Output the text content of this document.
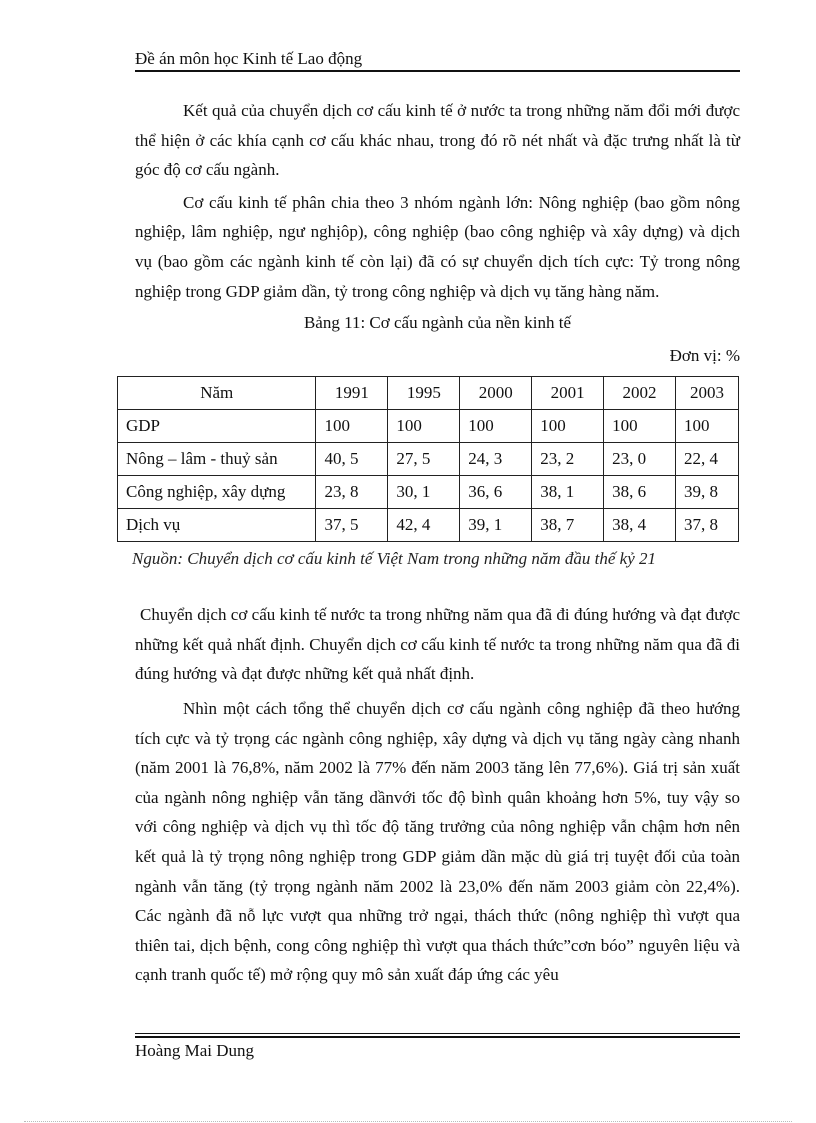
Đề án môn học Kinh tế Lao động

Kết quả của chuyển dịch cơ cấu kinh tế ở nước ta trong những năm đổi mới được thể hiện ở các khía cạnh cơ cấu khác nhau, trong đó rõ nét nhất và đặc trưng nhất là từ góc độ cơ cấu ngành.

Cơ cấu kinh tế phân chia theo 3 nhóm ngành lớn: Nông nghiệp (bao gồm nông nghiệp, lâm nghiệp, ngư nghịôp), công nghiệp (bao công nghiệp và xây dựng) và dịch vụ (bao gồm các ngành kinh tế còn lại) đã có sự chuyển dịch tích cực: Tỷ trong nông nghiệp trong GDP giảm dần, tỷ trong công nghiệp và dịch vụ tăng hàng năm.

Bảng 11: Cơ cấu ngành của nền kinh tế
Đơn vị: %
Năm	1991	1995	2000	2001	2002	2003
GDP	100	100	100	100	100	100
Nông – lâm - thuỷ sản	40, 5	27, 5	24, 3	23, 2	23, 0	22, 4
Công nghiệp, xây dựng	23, 8	30, 1	36, 6	38, 1	38, 6	39, 8
Dịch vụ	37, 5	42, 4	39, 1	38, 7	38, 4	37, 8
Nguồn: Chuyển dịch cơ cấu kinh tế Việt Nam trong những năm đầu thế kỷ 21

Chuyển dịch cơ cấu kinh tế nước ta trong những năm qua đã đi đúng hướng và đạt được những kết quả nhất định. Chuyển dịch cơ cấu kinh tế nước ta trong những năm qua đã đi đúng hướng và đạt được những kết quả nhất định.

Nhìn một cách tổng thể chuyển dịch cơ cấu ngành công nghiệp đã theo hướng tích cực và tỷ trọng các ngành công nghiệp, xây dựng và dịch vụ tăng ngày càng nhanh (năm 2001 là 76,8%, năm 2002 là 77% đến năm 2003 tăng lên 77,6%). Giá trị sản xuất của ngành nông nghiệp vẫn tăng dầnvới tốc độ bình quân khoảng hơn 5%, tuy vậy so với công nghiệp và dịch vụ thì tốc độ tăng trưởng của nông nghiệp vẫn chậm hơn nên kết quả là tỷ trọng nông nghiệp trong GDP giảm dần mặc dù giá trị tuyệt đối của toàn ngành vẫn tăng (tỷ trọng ngành năm 2002 là 23,0% đến năm 2003 giảm còn 22,4%). Các ngành đã nỗ lực vượt qua những trở ngại, thách thức (nông nghiệp thì vượt qua thiên tai, dịch bệnh, cong công nghiệp thì vượt qua thách thức”cơn bóo” nguyên liệu và cạnh tranh quốc tế) mở rộng quy mô sản xuất đáp ứng các yêu

Hoàng Mai Dung
